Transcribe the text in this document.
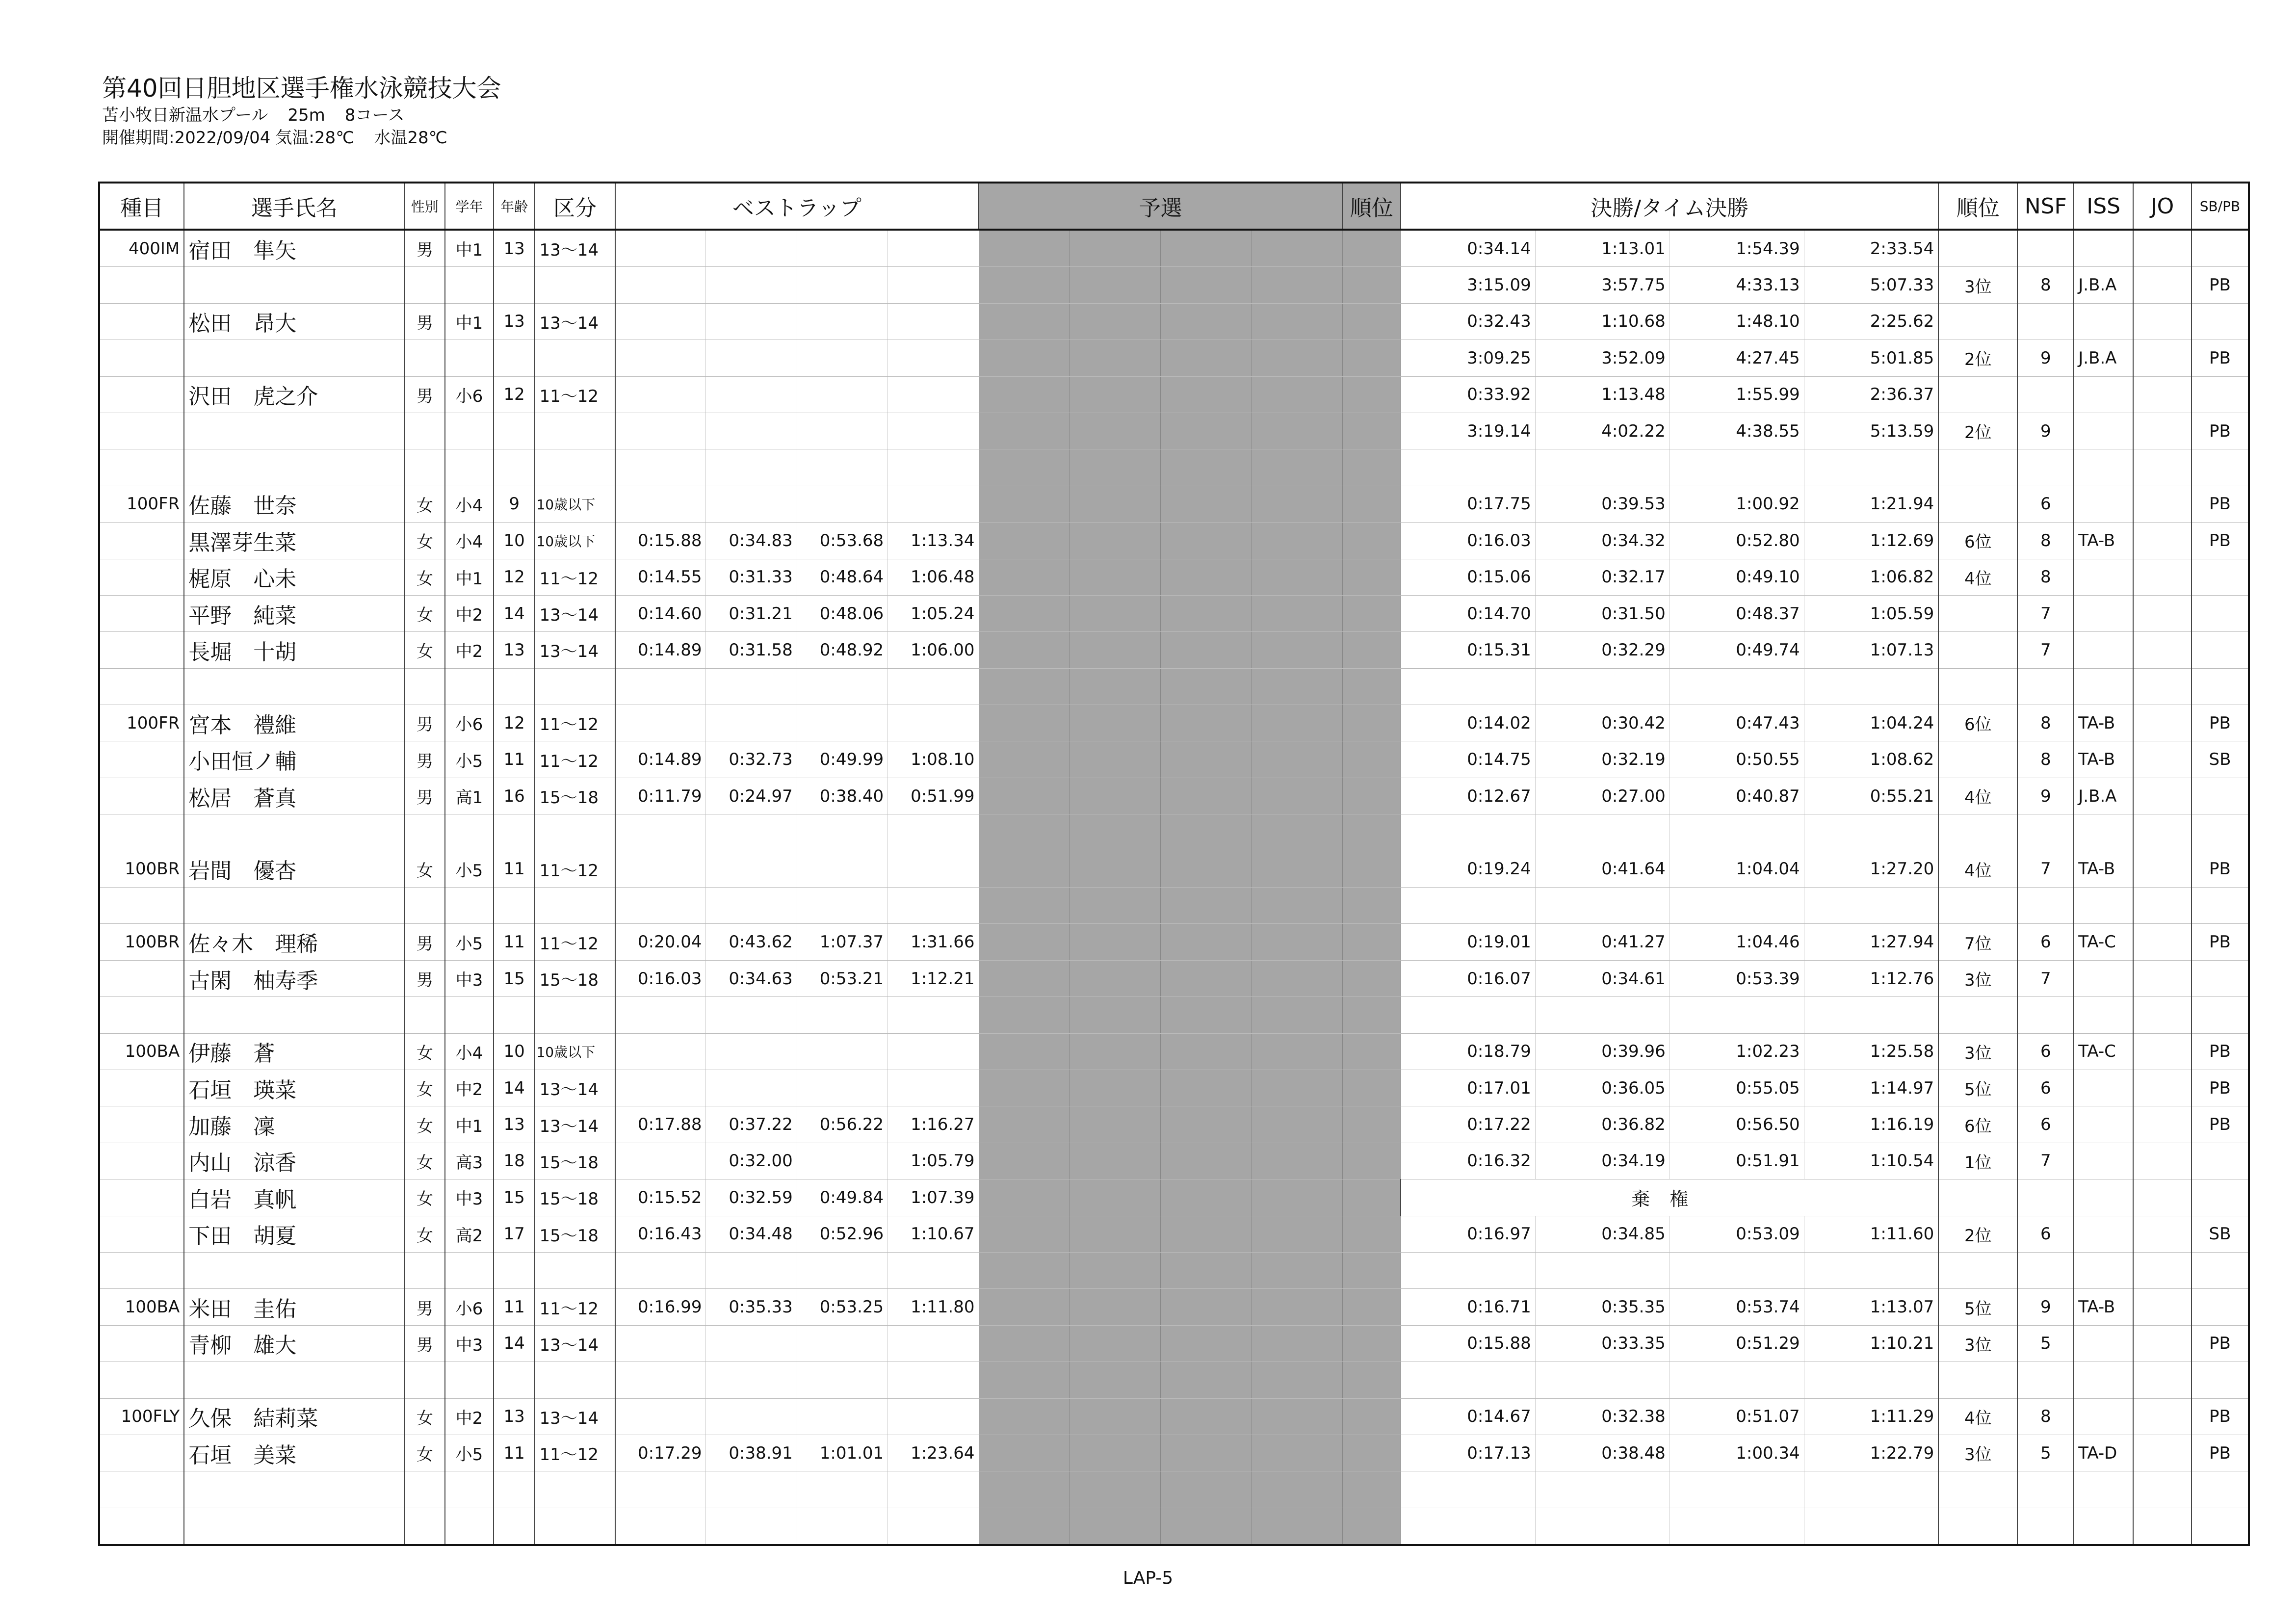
第40回日胆地区選手権水泳競技大会
苫小牧日新温水プール 25m 8コース
開催期間:2022/09/04 気温:28℃ 水温28℃
種目	選手氏名	性別	学年	年齢	区分	ベストラップ				予選				順位	決勝/タイム決勝				順位	NSF	ISS	JO	SB/PB
400IM	宿田　隼矢	男	中1	13	13～14										0:34.14	1:13.01	1:54.39	2:33.54					
															3:15.09	3:57.75	4:33.13	5:07.33	3位	8	J.B.A		PB
	松田　昂大	男	中1	13	13～14										0:32.43	1:10.68	1:48.10	2:25.62					
															3:09.25	3:52.09	4:27.45	5:01.85	2位	9	J.B.A		PB
	沢田　虎之介	男	小6	12	11～12										0:33.92	1:13.48	1:55.99	2:36.37					
															3:19.14	4:02.22	4:38.55	5:13.59	2位	9			PB

100FR	佐藤　世奈	女	小4	9	10歳以下										0:17.75	0:39.53	1:00.92	1:21.94		6			PB
	黒澤芽生菜	女	小4	10	10歳以下	0:15.88	0:34.83	0:53.68	1:13.34						0:16.03	0:34.32	0:52.80	1:12.69	6位	8	TA-B		PB
	梶原　心未	女	中1	12	11～12	0:14.55	0:31.33	0:48.64	1:06.48						0:15.06	0:32.17	0:49.10	1:06.82	4位	8			
	平野　純菜	女	中2	14	13～14	0:14.60	0:31.21	0:48.06	1:05.24						0:14.70	0:31.50	0:48.37	1:05.59		7			
	長堀　十胡	女	中2	13	13～14	0:14.89	0:31.58	0:48.92	1:06.00						0:15.31	0:32.29	0:49.74	1:07.13		7			

100FR	宮本　禮維	男	小6	12	11～12										0:14.02	0:30.42	0:47.43	1:04.24	6位	8	TA-B		PB
	小田恒ノ輔	男	小5	11	11～12	0:14.89	0:32.73	0:49.99	1:08.10						0:14.75	0:32.19	0:50.55	1:08.62		8	TA-B		SB
	松居　蒼真	男	高1	16	15～18	0:11.79	0:24.97	0:38.40	0:51.99						0:12.67	0:27.00	0:40.87	0:55.21	4位	9	J.B.A		

100BR	岩間　優杏	女	小5	11	11～12										0:19.24	0:41.64	1:04.04	1:27.20	4位	7	TA-B		PB

100BR	佐々木　理稀	男	小5	11	11～12	0:20.04	0:43.62	1:07.37	1:31.66						0:19.01	0:41.27	1:04.46	1:27.94	7位	6	TA-C		PB
	古閑　柚寿季	男	中3	15	15～18	0:16.03	0:34.63	0:53.21	1:12.21						0:16.07	0:34.61	0:53.39	1:12.76	3位	7			

100BA	伊藤　蒼	女	小4	10	10歳以下										0:18.79	0:39.96	1:02.23	1:25.58	3位	6	TA-C		PB
	石垣　瑛菜	女	中2	14	13～14										0:17.01	0:36.05	0:55.05	1:14.97	5位	6			PB
	加藤　凜	女	中1	13	13～14	0:17.88	0:37.22	0:56.22	1:16.27						0:17.22	0:36.82	0:56.50	1:16.19	6位	6			PB
	内山　涼香	女	高3	18	15～18		0:32.00		1:05.79						0:16.32	0:34.19	0:51.91	1:10.54	1位	7			
	白岩　真帆	女	中3	15	15～18	0:15.52	0:32.59	0:49.84	1:07.39						棄権								
	下田　胡夏	女	高2	17	15～18	0:16.43	0:34.48	0:52.96	1:10.67						0:16.97	0:34.85	0:53.09	1:11.60	2位	6			SB

100BA	米田　圭佑	男	小6	11	11～12	0:16.99	0:35.33	0:53.25	1:11.80						0:16.71	0:35.35	0:53.74	1:13.07	5位	9	TA-B		
	青柳　雄大	男	中3	14	13～14										0:15.88	0:33.35	0:51.29	1:10.21	3位	5			PB

100FLY	久保　結莉菜	女	中2	13	13～14										0:14.67	0:32.38	0:51.07	1:11.29	4位	8			PB
	石垣　美菜	女	小5	11	11～12	0:17.29	0:38.91	1:01.01	1:23.64						0:17.13	0:38.48	1:00.34	1:22.79	3位	5	TA-D		PB

LAP-5
